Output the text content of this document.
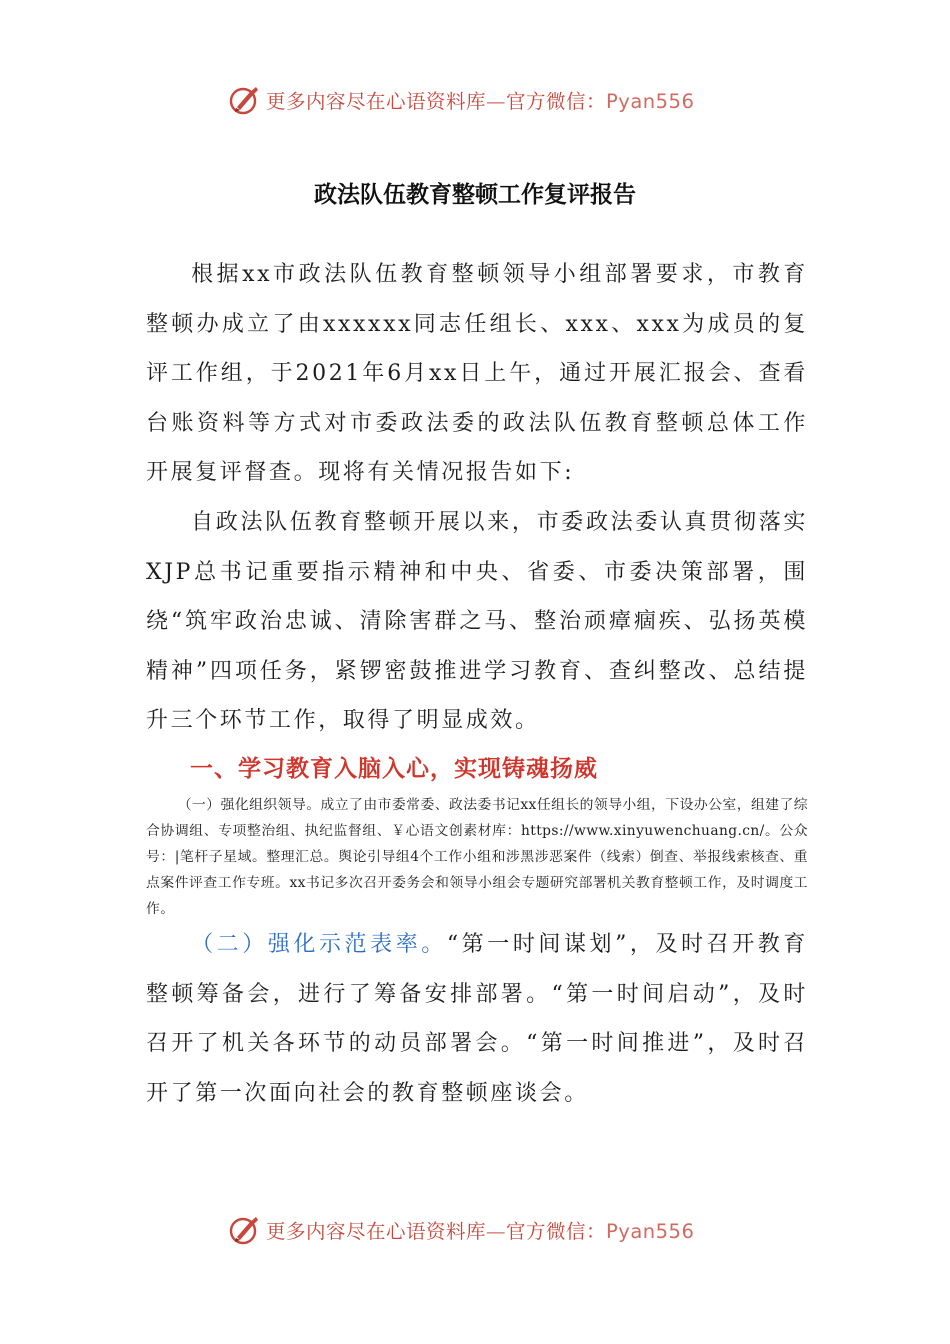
更多内容尽在心语资料库—官方微信：Pyan556
政法队伍教育整顿工作复评报告

根据xx市政法队伍教育整顿领导小组部署要求，市教育整顿办成立了由xxxxxx同志任组长、xxx、xxx为成员的复评工作组，于2021年6月xx日上午，通过开展汇报会、查看台账资料等方式对市委政法委的政法队伍教育整顿总体工作开展复评督查。现将有关情况报告如下:

自政法队伍教育整顿开展以来，市委政法委认真贯彻落实XJP总书记重要指示精神和中央、省委、市委决策部署，围绕“筑牢政治忠诚、清除害群之马、整治顽瘴痼疾、弘扬英模精神”四项任务，紧锣密鼓推进学习教育、查纠整改、总结提升三个环节工作，取得了明显成效。

一、学习教育入脑入心，实现铸魂扬威

（一）强化组织领导。成立了由市委常委、政法委书记xx任组长的领导小组，下设办公室，组建了综合协调组、专项整治组、执纪监督组、￥心语文创素材库：https://www.xinyuwenchuang.cn/。公众号：|笔杆子星域。整理汇总。舆论引导组4个工作小组和涉黑涉恶案件（线索）倒查、举报线索核查、重点案件评查工作专班。xx书记多次召开委务会和领导小组会专题研究部署机关教育整顿工作，及时调度工作。

（二）强化示范表率。“第一时间谋划”，及时召开教育整顿筹备会，进行了筹备安排部署。“第一时间启动”，及时召开了机关各环节的动员部署会。“第一时间推进”，及时召开了第一次面向社会的教育整顿座谈会。

更多内容尽在心语资料库—官方微信：Pyan556
